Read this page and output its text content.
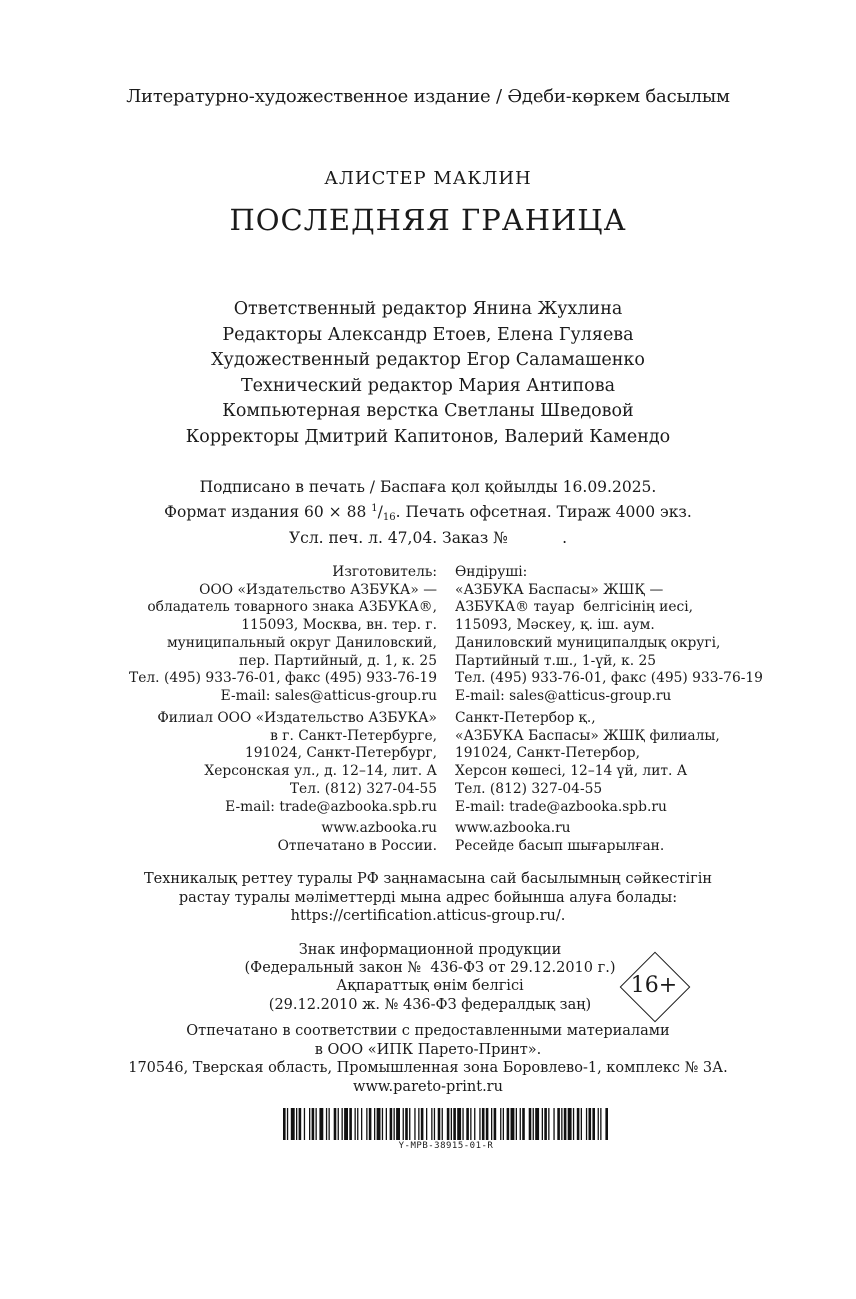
Литературно-художественное издание / Әдеби-көркем басылым
АЛИСТЕР МАКЛИН
ПОСЛЕДНЯЯ ГРАНИЦА
Ответственный редактор Янина Жухлина
Редакторы Александр Етоев, Елена Гуляева
Художественный редактор Егор Саламашенко
Технический редактор Мария Антипова
Компьютерная верстка Светланы Шведовой
Корректоры Дмитрий Капитонов, Валерий Камендо
Подписано в печать / Баспаға қол қойылды 16.09.2025.
Формат издания 60 × 88 $^1$/16. Печать офсетная. Тираж 4000 экз.
Усл. печ. л. 47,04. Заказ №           .
Изготовитель:
ООО «Издательство АЗБУКА» —
обладатель товарного знака АЗБУКА®,
115093, Москва, вн. тер. г.
муниципальный округ Даниловский,
пер. Партийный, д. 1, к. 25
Тел. (495) 933-76-01, факс (495) 933-76-19
E-mail: sales@atticus-group.ru
Өндіруші:
«АЗБУКА Баспасы» ЖШҚ —
АЗБУКА® тауар  белгісінің иесі,
115093, Мәскеу, қ. іш. аум.
Даниловский муниципалдық округі,
Партийный т.ш., 1-үй, к. 25
Тел. (495) 933-76-01, факс (495) 933-76-19
E-mail: sales@atticus-group.ru
Филиал ООО «Издательство АЗБУКА»
в г. Санкт-Петербурге,
191024, Санкт-Петербург,
Херсонская ул., д. 12–14, лит. А
Тел. (812) 327-04-55
E-mail: trade@azbooka.spb.ru
Санкт-Петербор қ.,
«АЗБУКА Баспасы» ЖШҚ филиалы,
191024, Санкт-Петербор,
Херсон көшесі, 12–14 үй, лит. А
Тел. (812) 327-04-55
E-mail: trade@azbooka.spb.ru
www.azbooka.ru
Отпечатано в России.
www.azbooka.ru
Ресейде басып шығарылған.
Техникалық реттеу туралы РФ заңнамасына сай басылымның сәйкестігін
растау туралы мәліметтерді мына адрес бойынша алуға болады:
https://certification.atticus-group.ru/.
Знак информационной продукции
(Федеральный закон №  436-ФЗ от 29.12.2010 г.)
Ақпараттық өнім белгісі
(29.12.2010 ж. № 436-ФЗ федералдық заң)
16+
Отпечатано в соответствии с предоставленными материалами
в ООО «ИПК Парето-Принт».
170546, Тверская область, Промышленная зона Боровлево-1, комплекс № 3А.
www.pareto-print.ru
Y-MPB-38915-01-R
